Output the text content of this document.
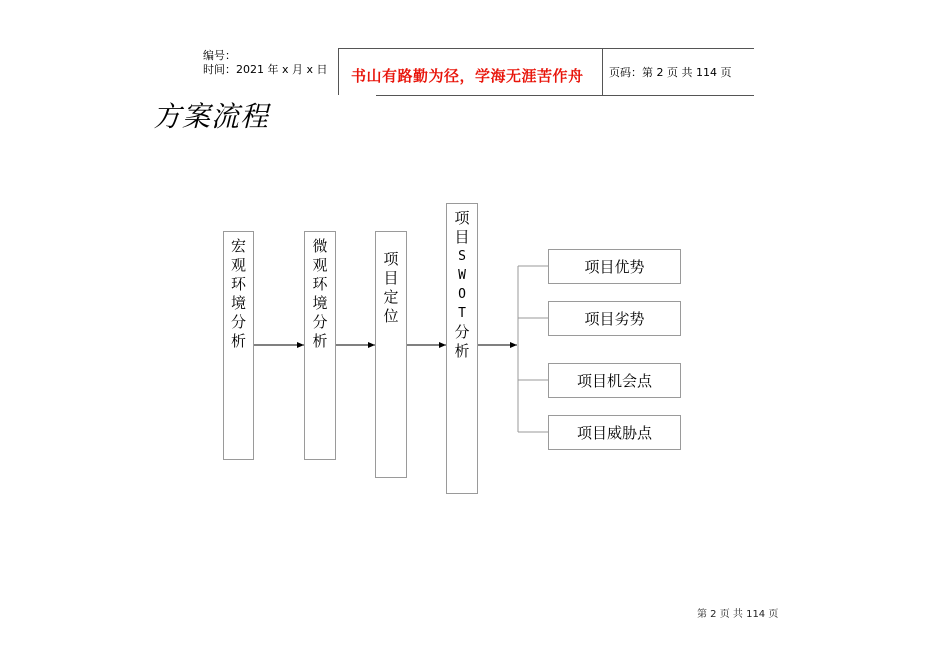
编号：
时间：2021 年 x 月 x 日 书山有路勤为径，学海无涯苦作舟 页码：第 2 页 共 114 页
方案流程
宏
观
环
境
分
析
微
观
环
境
分
析
项
目
定
位
项
目
S
W
O
T
分
析
项目优势
项目劣势
项目机会点
项目威胁点
第 2 页 共 114 页
